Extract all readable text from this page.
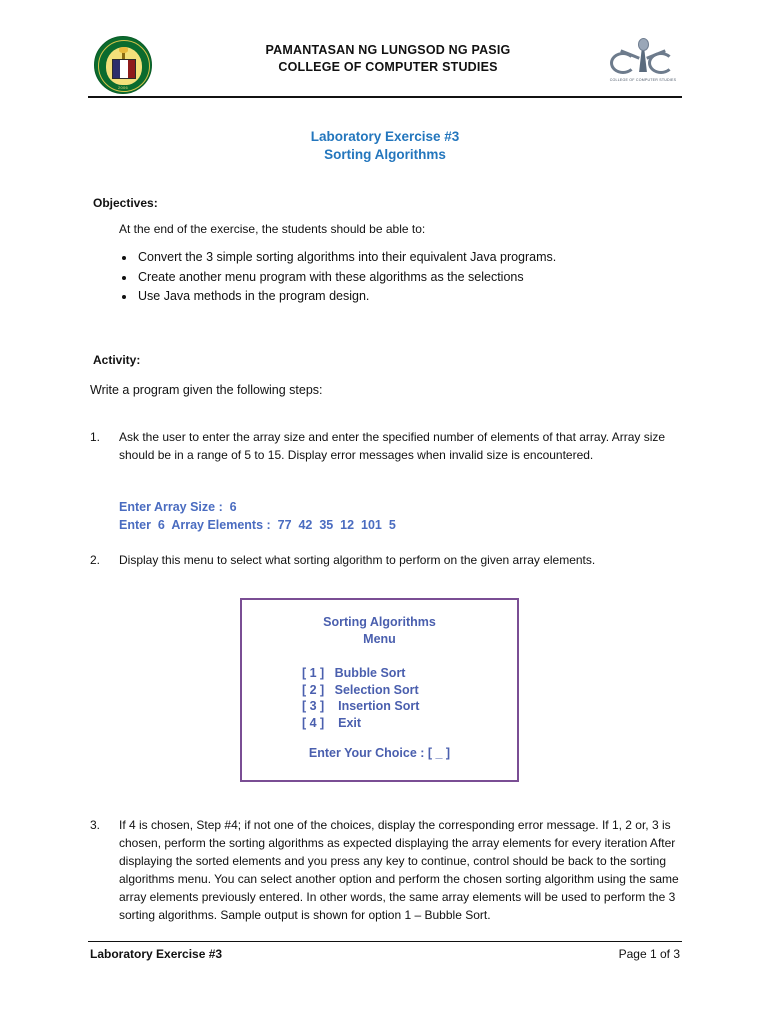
2006
PAMANTASAN NG LUNGSOD NG PASIG
COLLEGE OF COMPUTER STUDIES
COLLEGE OF COMPUTER STUDIES
Laboratory Exercise #3
Sorting Algorithms
Objectives:
At the end of the exercise, the students should be able to:
Convert the 3 simple sorting algorithms into their equivalent Java programs.
Create another menu program with these algorithms as the selections
Use Java methods in the program design.
Activity:
Write a program given the following steps:
1.	Ask the user to enter the array size and enter the specified number of elements of that array. Array size should be in a range of 5 to 15. Display error messages when invalid size is encountered.
Enter Array Size :  6
Enter  6  Array Elements :  77  42  35  12  101  5
2.	Display this menu to select what sorting algorithm to perform on the given array elements.
Sorting Algorithms
Menu
[ 1 ]   Bubble Sort
[ 2 ]   Selection Sort
[ 3 ]    Insertion Sort
[ 4 ]    Exit
Enter Your Choice : [ _ ]
3.	If 4 is chosen, Step #4; if not one of the choices, display the corresponding error message. If 1, 2 or, 3 is chosen, perform the sorting algorithms as expected displaying the array elements for every iteration After displaying the sorted elements and you press any key to continue, control should be back to the sorting algorithms menu. You can select another option and perform the chosen sorting algorithm using the same array elements previously entered. In other words, the same array elements will be used to perform the 3 sorting algorithms. Sample output is shown for option 1 – Bubble Sort.
Laboratory Exercise #3	Page 1 of 3
